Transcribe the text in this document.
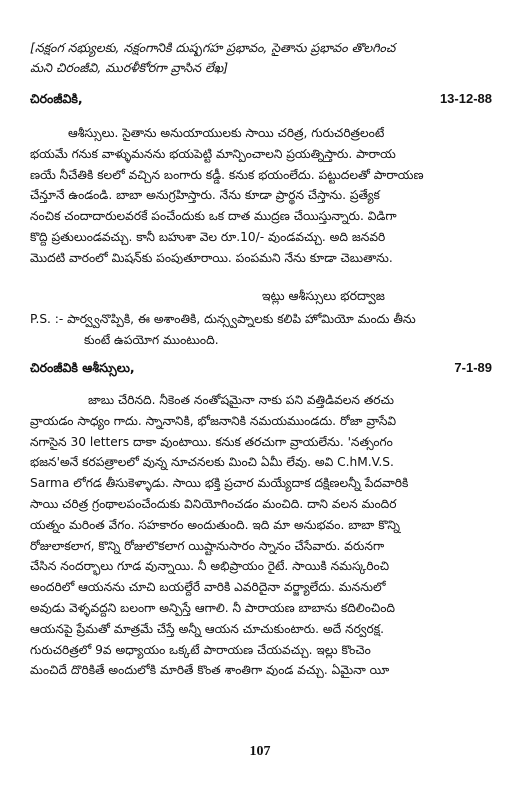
[నక్షంగ నభ్యులకు, నక్షంగానికి దుష్పగహ ప్రభావం, సైతాను ప్రభావం తొలగించ
మని చిరంజీవి, మురళీకోరగా వ్రాసిన లేఖ]
చిరంజీవికి,	13-12-88
ఆశీస్సులు. సైతాను అనుయాయులకు సాయి చరిత్ర, గురుచరిత్రలంటే
భయమే గనుక వాళ్ళుమనను భయపెట్టి మాన్పించాలని ప్రయత్నిస్తారు. పారాయ
ణయే నీచేతికి కలలో వచ్చిన బంగారు కడ్డీ. కనుక భయంలేదు. పట్టుదలతో పారాయణ
చేన్తూనే ఉండండి. బాబా అనుగ్రహిస్తారు. నేను కూడా ప్రార్థన చేస్తాను. ప్రత్యేక
నంచిక చందాదారులవరకే పంచేందుకు ఒక దాత ముద్రణ చేయిస్తున్నారు. విడిగా
కొద్ది ప్రతులుండవచ్చు. కానీ బహుశా వెల రూ.10/- వుండవచ్చు. అది జనవరి
మొదటి వారంలో మిషన్‌కు పంపుతూరాయి. పంపమని నేను కూడా చెబుతాను.
ఇట్లు ఆశీస్సులు భరద్వాజ
P.S. :- పార్వ్వనొప్పికి, ఈ అశాంతికి, దున్స్వప్నాలకు కలిపి హోమియో మందు తీను
కుంటే ఉపయోగ ముంటుంది.
చిరంజీవికి ఆశీస్సులు,	7-1-89
జాబు చేరినది. నీకెంత నంతోషమైనా నాకు పని వత్తిడివలన తరచు
వ్రాయడం సాధ్యం గాదు. స్నానానికి, భోజనానికి నమయముండదు. రోజా వ్రాసేవి
నగాసైన 30 letters దాకా వుంటాయి. కనుక తరచుగా వ్రాయలేను. 'నత్సంగం
భజన'అనే కరపత్రాలలో వున్న నూచనలకు మించి ఏమీ లేవు. అవి C.hM.V.S.
Sarma లోగడ తీసుకెళ్ళాడు. సాయి భక్తి ప్రచార మయ్యేదాక దక్షిణలన్నీ పేదవారికి
సాయి చరిత్ర గ్రంథాలపంచేందుకు వినియోగించడం మంచిది. దాని వలన మందిర
యత్నం మరింత వేగం. సహకారం అందుతుంది. ఇది మా అనుభవం. బాబా కొన్ని
రోజులాకలాగ, కొన్ని రోజులొకలాగ యిష్టానుసారం స్నానం చేసేవారు. వరునగా
చేసిన నందర్భాలు గూడ వున్నాయి. నీ అభిప్రాయం రైటే. సాయికి నమస్కరించి
అందరిలో ఆయనను చూచి బయల్దేరే వారికి ఎవరిదైనా వర్జ్యాలేదు. మననులో
అవుడు వెళ్ళవద్దని బలంగా అన్పిస్తే ఆగాలి. నీ పారాయణ బాబాను కదిలించింది
ఆయనపై ప్రేమతో మాత్రమే చేస్తే అన్నీ ఆయన చూచుకుంటారు. అదే నర్వరక్ష.
గురుచరిత్రలో 9వ అధ్యాయం ఒక్కటే పారాయణ చేయవచ్చు. ఇల్లు కొంచెం
మంచిదే దొరికితే అందులోకి మారితే కొంత శాంతిగా వుండ వచ్చు. ఏమైనా యీ
107
